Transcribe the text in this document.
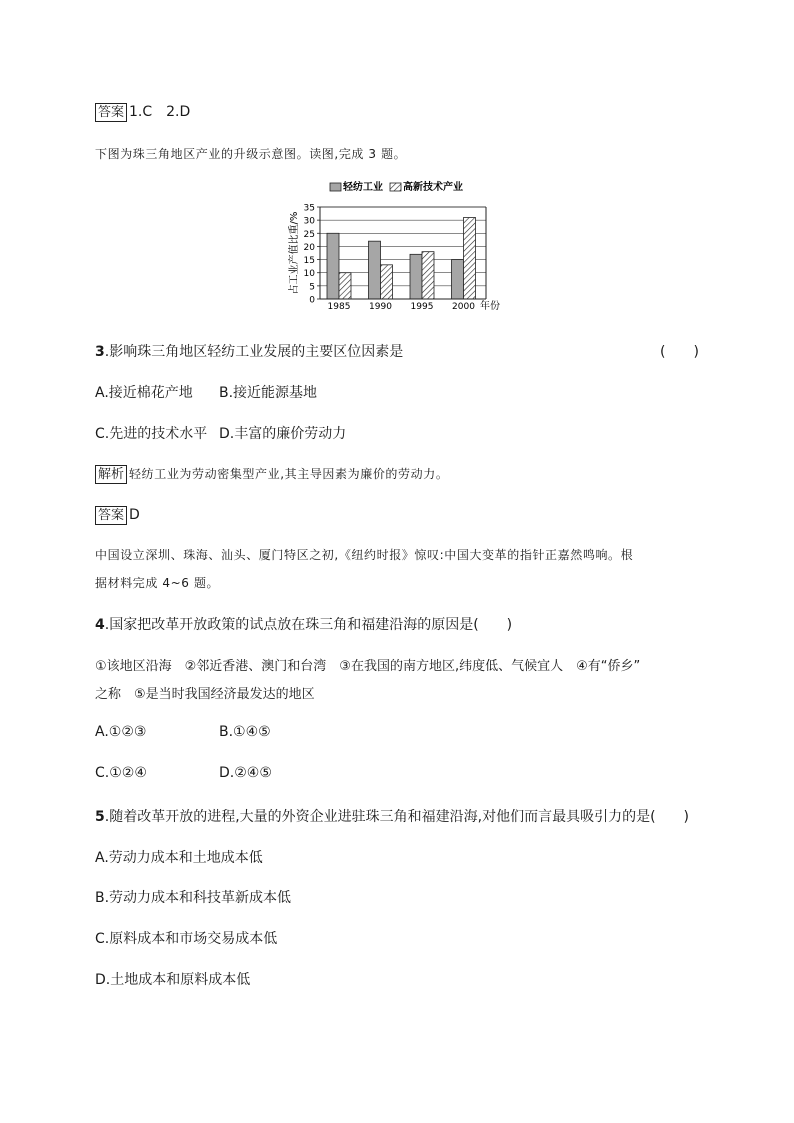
答案 1.C　2.D
下图为珠三角地区产业的升级示意图。读图,完成 3 题。
轻纺工业 高新技术产业
0
5
10
15
20
25
30
35
1985 1990 1995 2000
占工业产值比重/%
年份
3.影响珠三角地区轻纺工业发展的主要区位因素是	(　　)
A.接近棉花产地 B.接近能源基地
C.先进的技术水平 D.丰富的廉价劳动力
解析 轻纺工业为劳动密集型产业,其主导因素为廉价的劳动力。
答案 D
中国设立深圳、珠海、汕头、厦门特区之初,《纽约时报》惊叹:中国大变革的指针正嘉然鸣响。根
据材料完成 4~6 题。
4.国家把改革开放政策的试点放在珠三角和福建沿海的原因是(　　)
①该地区沿海　②邻近香港、澳门和台湾　③在我国的南方地区,纬度低、气候宜人　④有“侨乡”
之称　⑤是当时我国经济最发达的地区
A.①②③	B.①④⑤
C.①②④	D.②④⑤
5.随着改革开放的进程,大量的外资企业进驻珠三角和福建沿海,对他们而言最具吸引力的是(　　)
A.劳动力成本和土地成本低
B.劳动力成本和科技革新成本低
C.原料成本和市场交易成本低
D.土地成本和原料成本低
